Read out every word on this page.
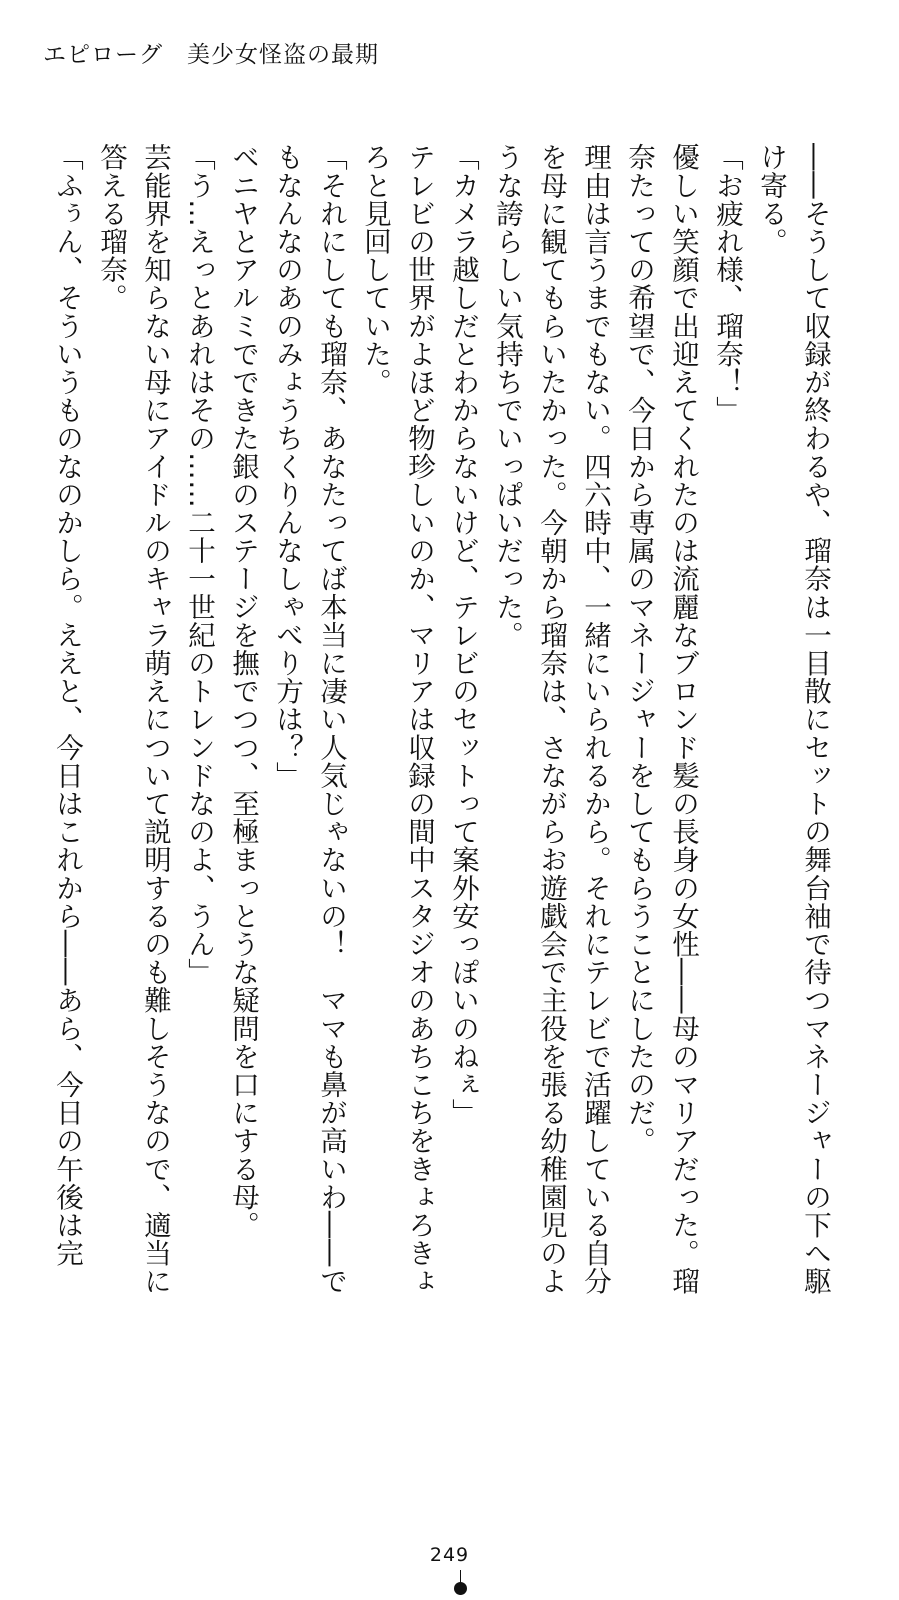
エピローグ　美少女怪盗の最期

――そうして収録が終わるや、瑠奈は一目散にセットの舞台袖で待つマネージャーの下へ駆け寄る。

「お疲れ様、瑠奈！」

優しい笑顔で出迎えてくれたのは流麗なブロンド髪の長身の女性――母のマリアだった。瑠奈たっての希望で、今日から専属のマネージャーをしてもらうことにしたのだ。

理由は言うまでもない。四六時中、一緒にいられるから。それにテレビで活躍している自分を母に観てもらいたかった。今朝から瑠奈は、さながらお遊戯会で主役を張る幼稚園児のような誇らしい気持ちでいっぱいだった。

「カメラ越しだとわからないけど、テレビのセットって案外安っぽいのねぇ」

テレビの世界がよほど物珍しいのか、マリアは収録の間中スタジオのあちこちをきょろきょろと見回していた。

「それにしても瑠奈、あなたってば本当に凄い人気じゃないの！　ママも鼻が高いわ――でもなんなのあのみょうちくりんなしゃべり方は？」

ベニヤとアルミでできた銀のステージを撫でつつ、至極まっとうな疑問を口にする母。

「う…えっとあれはその……二十一世紀のトレンドなのよ、うん」

芸能界を知らない母にアイドルのキャラ萌えについて説明するのも難しそうなので、適当に答える瑠奈。

「ふぅん、そういうものなのかしら。ええと、今日はこれから――あら、今日の午後は完

249
